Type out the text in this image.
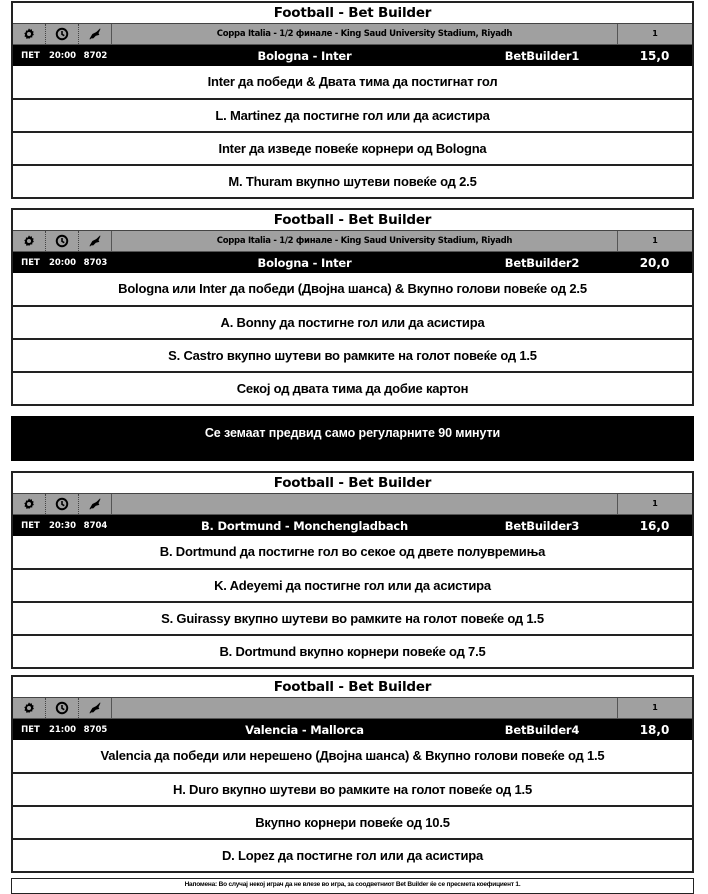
Football - Bet Builder
Coppa Italia - 1/2 финале - King Saud University Stadium, Riyadh	1
ПЕТ	20:00 8702	Bologna - Inter	BetBuilder1	15,0
Inter да победи & Двата тима да постигнат гол
L. Martinez да постигне гол или да асистира
Inter да изведе повеќе корнери од Bologna
M. Thuram вкупно шутеви повеќе од 2.5
Football - Bet Builder
Coppa Italia - 1/2 финале - King Saud University Stadium, Riyadh	1
ПЕТ	20:00 8703	Bologna - Inter	BetBuilder2	20,0
Bologna или Inter да победи (Двојна шанса) & Вкупно голови повеќе од 2.5
A. Bonny да постигне гол или да асистира
S. Castro вкупно шутеви во рамките на голот повеќе од 1.5
Секој од двата тима да добие картон
Се земаат предвид само регуларните 90 минути
Football - Bet Builder
1
ПЕТ	20:30 8704	B. Dortmund - Monchengladbach	BetBuilder3	16,0
B. Dortmund да постигне гол во секое од двете полувремиња
K. Adeyemi да постигне гол или да асистира
S. Guirassy вкупно шутеви во рамките на голот повеќе од 1.5
B. Dortmund вкупно корнери повеќе од 7.5
Football - Bet Builder
1
ПЕТ	21:00 8705	Valencia - Mallorca	BetBuilder4	18,0
Valencia да победи или нерешено (Двојна шанса) & Вкупно голови повеќе од 1.5
H. Duro вкупно шутеви во рамките на голот повеќе од 1.5
Вкупно корнери повеќе од 10.5
D. Lopez да постигне гол или да асистира
Напомена: Во случај некој играч да не влезе во игра, за соодветниот Bet Builder ќе се пресмета коефициент 1.
